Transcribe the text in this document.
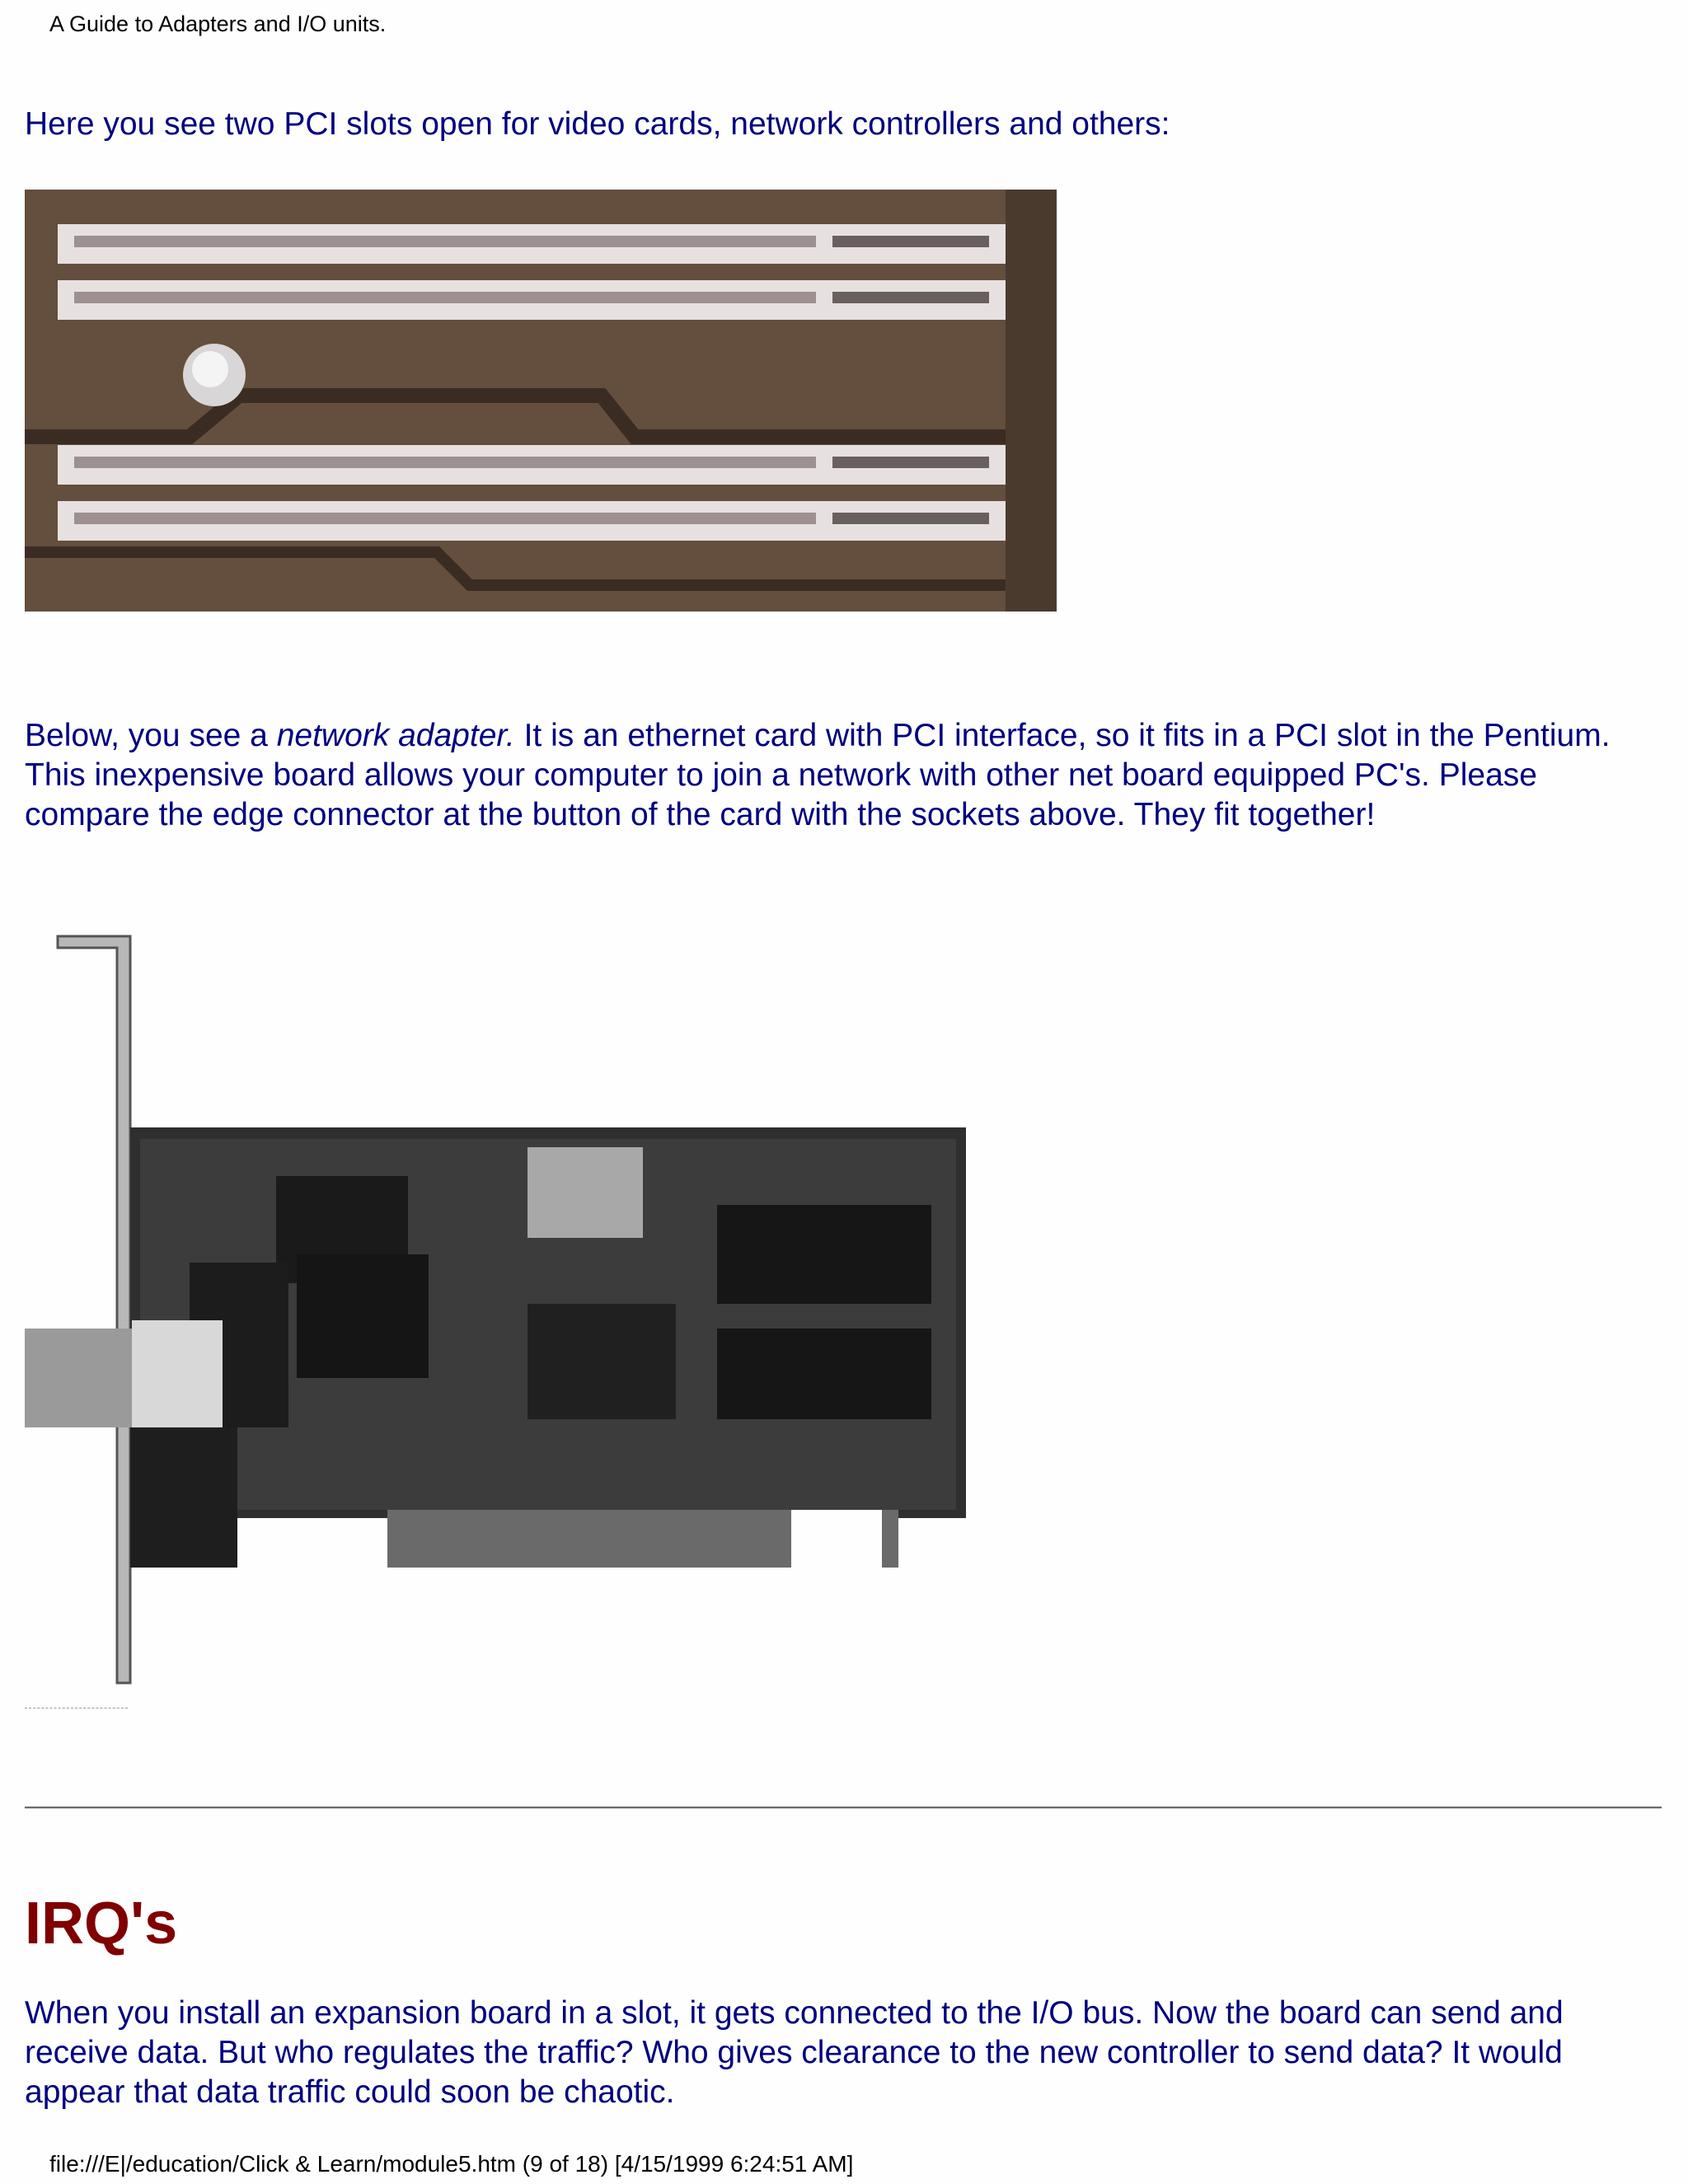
A Guide to Adapters and I/O units.

Here you see two PCI slots open for video cards, network controllers and others:

Below, you see a network adapter. It is an ethernet card with PCI interface, so it fits in a PCI slot in the Pentium. This inexpensive board allows your computer to join a network with other net board equipped PC's. Please compare the edge connector at the button of the card with the sockets above. They fit together!

IRQ's

When you install an expansion board in a slot, it gets connected to the I/O bus. Now the board can send and receive data. But who regulates the traffic? Who gives clearance to the new controller to send data? It would appear that data traffic could soon be chaotic.

file:///E|/education/Click & Learn/module5.htm (9 of 18) [4/15/1999 6:24:51 AM]
